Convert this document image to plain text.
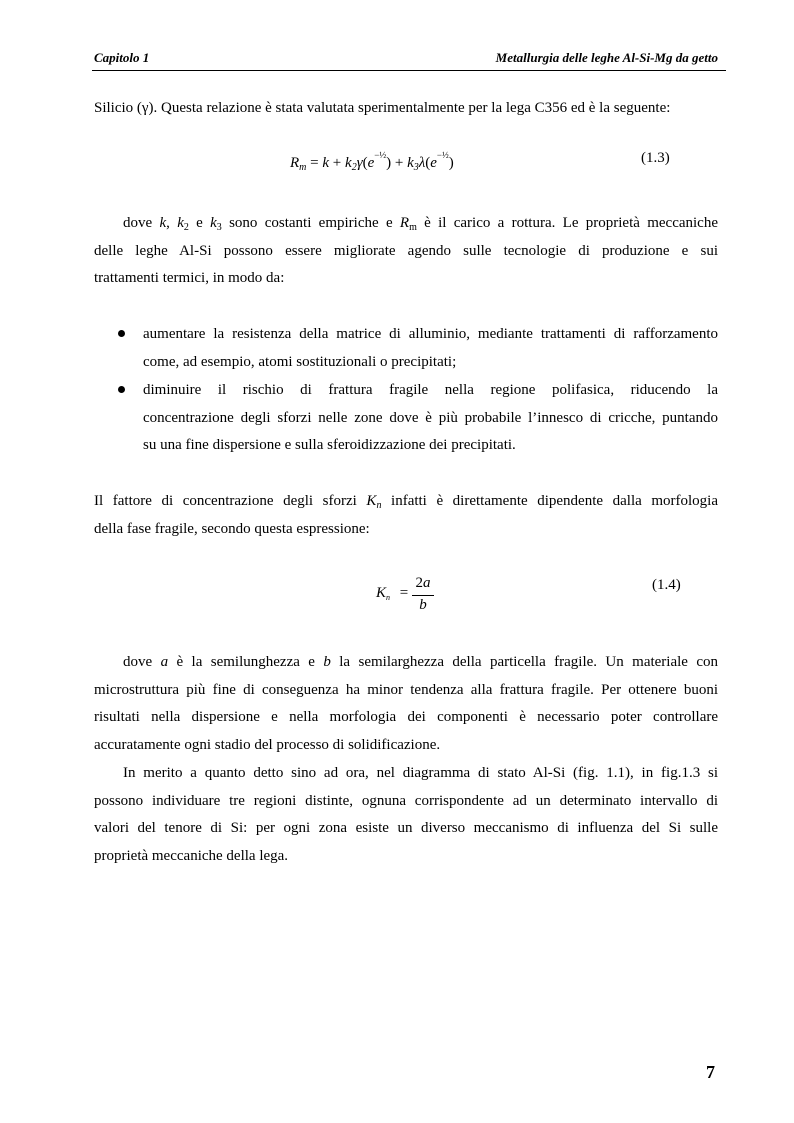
Capitolo 1	Metallurgia delle leghe Al-Si-Mg da getto
Silicio (γ). Questa relazione è stata valutata sperimentalmente per la lega C356 ed è la seguente:
$R_m = k + k_2\gamma(e^{-\frac{1}{2}}) + k_3\lambda(e^{-\frac{1}{2}})$	(1.3)
dove k, $k_2$ e $k_3$ sono costanti empiriche e $R_m$ è il carico a rottura. Le proprietà meccaniche
delle leghe Al-Si possono essere migliorate agendo sulle tecnologie di produzione e sui
trattamenti termici, in modo da:
aumentare la resistenza della matrice di alluminio, mediante trattamenti di rafforzamento
come, ad esempio, atomi sostituzionali o precipitati;
diminuire il rischio di frattura fragile nella regione polifasica, riducendo la
concentrazione degli sforzi nelle zone dove è più probabile l’innesco di cricche, puntando
su una fine dispersione e sulla sferoidizzazione dei precipitati.
Il fattore di concentrazione degli sforzi $K_n$ infatti è direttamente dipendente dalla morfologia
della fase fragile, secondo questa espressione:
$K_n$ =
2a
b
(1.4)
dove a è la semilunghezza e b la semilarghezza della particella fragile. Un materiale con
microstruttura più fine di conseguenza ha minor tendenza alla frattura fragile. Per ottenere buoni
risultati nella dispersione e nella morfologia dei componenti è necessario poter controllare
accuratamente ogni stadio del processo di solidificazione.
In merito a quanto detto sino ad ora, nel diagramma di stato Al-Si (fig. 1.1), in fig.1.3 si
possono individuare tre regioni distinte, ognuna corrispondente ad un determinato intervallo di
valori del tenore di Si: per ogni zona esiste un diverso meccanismo di influenza del Si sulle
proprietà meccaniche della lega.
7
